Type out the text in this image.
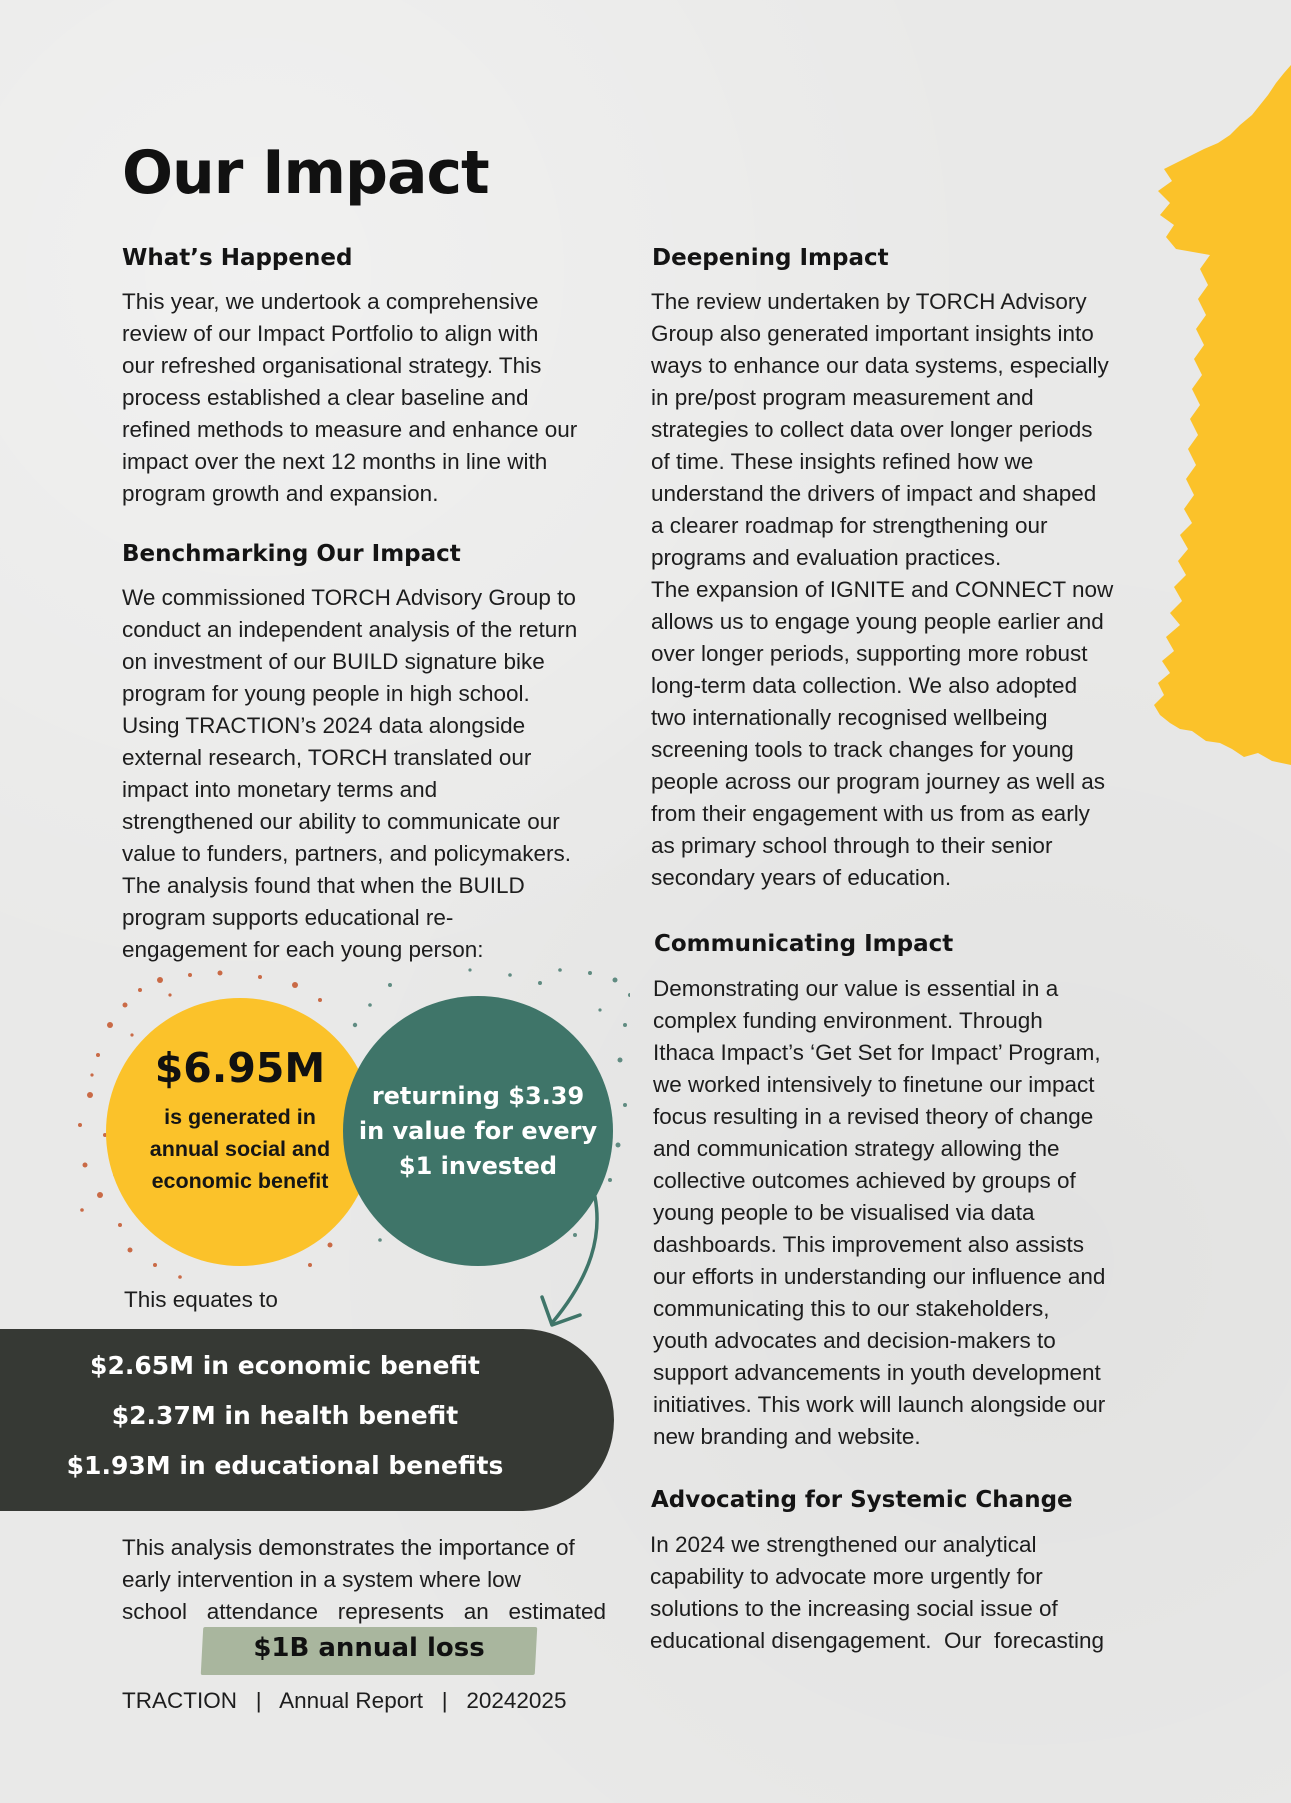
Our Impact
What’s Happened

This year, we undertook a comprehensive
review of our Impact Portfolio to align with
our refreshed organisational strategy. This
process established a clear baseline and
refined methods to measure and enhance our
impact over the next 12 months in line with
program growth and expansion.

Benchmarking Our Impact

We commissioned TORCH Advisory Group to
conduct an independent analysis of the return
on investment of our BUILD signature bike
program for young people in high school.
Using TRACTION’s 2024 data alongside
external research, TORCH translated our
impact into monetary terms and
strengthened our ability to communicate our
value to funders, partners, and policymakers.
The analysis found that when the BUILD
program supports educational re-
engagement for each young person:

$6.95M
is generated in
annual social and
economic benefit
returning $3.39
in value for every
$1 invested

This equates to

$2.65M in economic benefit

$2.37M in health benefit

$1.93M in educational benefits

This analysis demonstrates the importance of
early intervention in a system where low
school attendance represents an estimated

$1B annual loss
Deepening Impact

The review undertaken by TORCH Advisory
Group also generated important insights into
ways to enhance our data systems, especially
in pre/post program measurement and
strategies to collect data over longer periods
of time. These insights refined how we
understand the drivers of impact and shaped
a clearer roadmap for strengthening our
programs and evaluation practices.
The expansion of IGNITE and CONNECT now
allows us to engage young people earlier and
over longer periods, supporting more robust
long-term data collection. We also adopted
two internationally recognised wellbeing
screening tools to track changes for young
people across our program journey as well as
from their engagement with us from as early
as primary school through to their senior
secondary years of education.

Communicating Impact

Demonstrating our value is essential in a
complex funding environment. Through
Ithaca Impact’s ‘Get Set for Impact’ Program,
we worked intensively to finetune our impact
focus resulting in a revised theory of change
and communication strategy allowing the
collective outcomes achieved by groups of
young people to be visualised via data
dashboards. This improvement also assists
our efforts in understanding our influence and
communicating this to our stakeholders,
youth advocates and decision-makers to
support advancements in youth development
initiatives. This work will launch alongside our
new branding and website.

Advocating for Systemic Change

In 2024 we strengthened our analytical
capability to advocate more urgently for
solutions to the increasing social issue of
educational disengagement.  Our  forecasting

TRACTION   |   Annual Report   |   20242025
